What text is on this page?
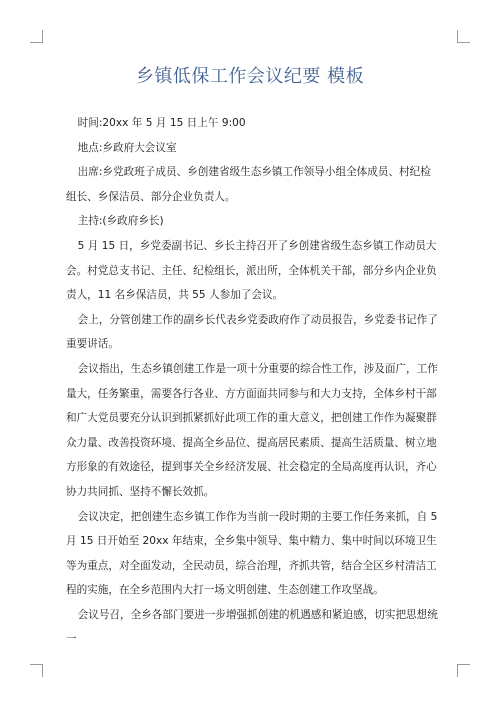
乡镇低保工作会议纪要 模板

时间:20xx 年 5 月 15 日上午 9:00

地点:乡政府大会议室

出席:乡党政班子成员、乡创建省级生态乡镇工作领导小组全体成员、村纪检组长、乡保洁员、部分企业负责人。

主持:(乡政府乡长)

5 月 15 日，乡党委副书记、乡长主持召开了乡创建省级生态乡镇工作动员大会。村党总支书记、主任、纪检组长，派出所，全体机关干部，部分乡内企业负责人，11 名乡保洁员，共 55 人参加了会议。

会上，分管创建工作的副乡长代表乡党委政府作了动员报告，乡党委书记作了重要讲话。

会议指出，生态乡镇创建工作是一项十分重要的综合性工作，涉及面广，工作量大，任务繁重，需要各行各业、方方面面共同参与和大力支持，全体乡村干部和广大党员要充分认识到抓紧抓好此项工作的重大意义，把创建工作作为凝聚群众力量、改善投资环境、提高全乡品位、提高居民素质、提高生活质量、树立地方形象的有效途径，提到事关全乡经济发展、社会稳定的全局高度再认识，齐心协力共同抓、坚持不懈长效抓。

会议决定，把创建生态乡镇工作作为当前一段时期的主要工作任务来抓，自 5 月 15 日开始至 20xx 年结束，全乡集中领导、集中精力、集中时间以环境卫生等为重点，对全面发动，全民动员，综合治理，齐抓共管，结合全区乡村清洁工程的实施，在全乡范围内大打一场文明创建、生态创建工作攻坚战。

会议号召，全乡各部门要进一步增强抓创建的机遇感和紧迫感，切实把思想统一
